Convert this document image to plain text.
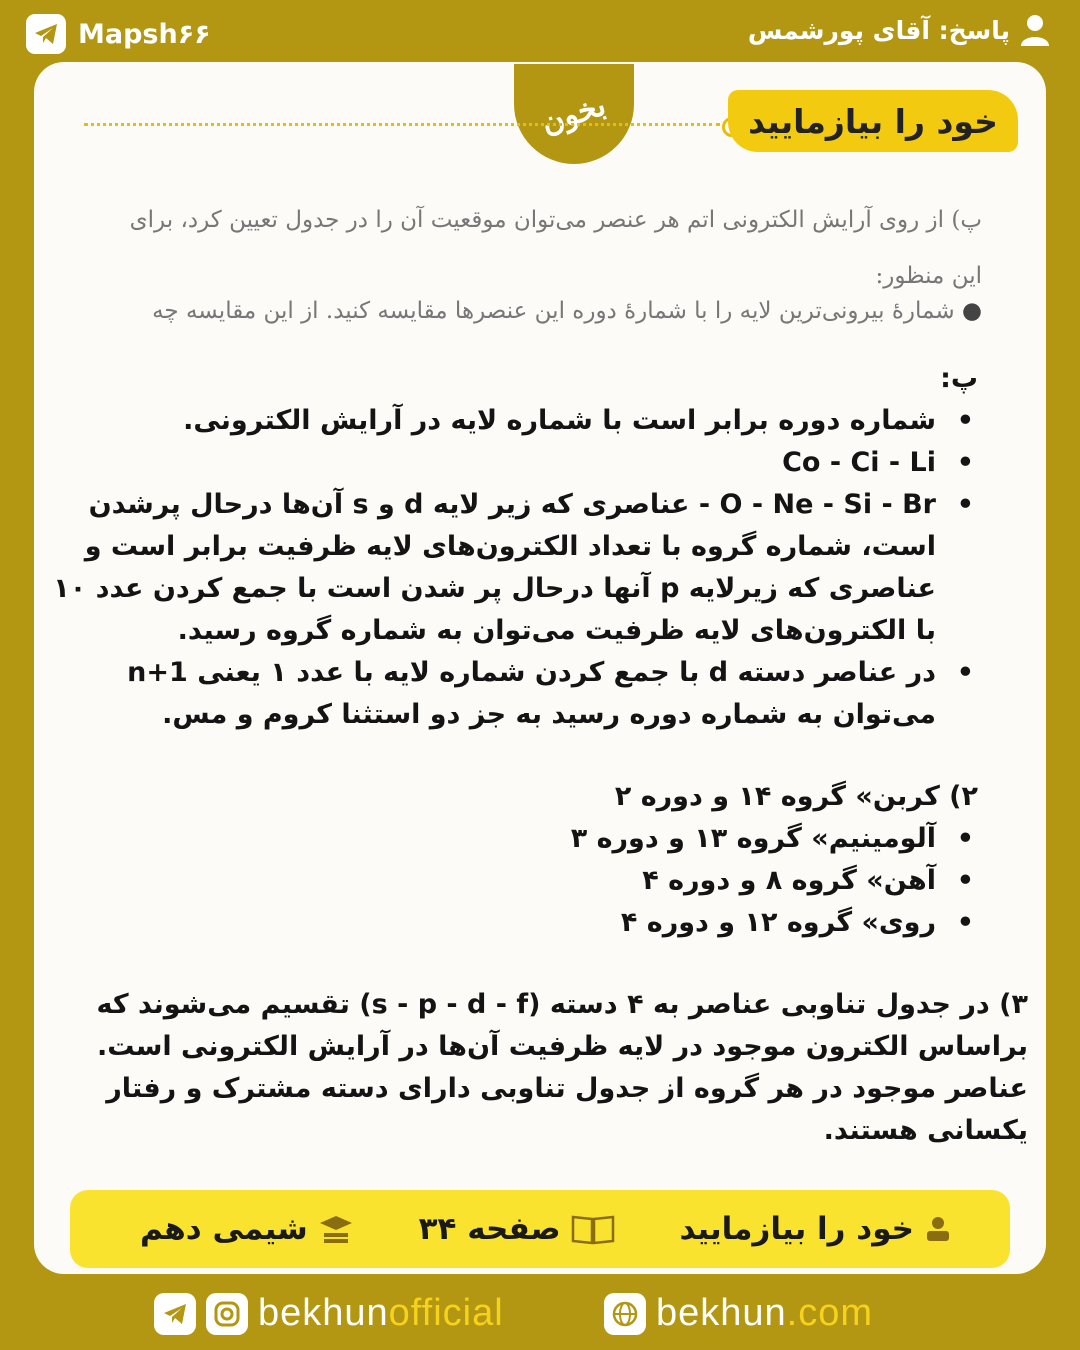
Mapsh۶۶	پاسخ: آقای پورشمس
بخون	خود را بیازمایید
پ) از روی آرایش الکترونی اتم هر عنصر می‌توان موقعیت آن را در جدول تعیین کرد، برای
این منظور:
● شمارهٔ بیرونی‌ترین لایه را با شمارهٔ دوره این عنصرها مقایسه کنید. از این مقایسه چه

پ:

• شماره دوره برابر است با شماره لایه در آرایش الکترونی.
• Co - Ci - Li
• O - Ne - Si - Br - عناصری که زیر لایه d و s آن‌ها درحال پرشدن است، شماره گروه با تعداد الکترون‌های لایه ظرفیت برابر است و عناصری که زیرلایه p آنها درحال پر شدن است با جمع کردن عدد ۱۰ با الکترون‌های لایه ظرفیت می‌توان به شماره گروه رسید.
• در عناصر دسته d با جمع کردن شماره لایه با عدد ۱ یعنی n+1 می‌توان به شماره دوره رسید به جز دو استثنا کروم و مس.

۲) کربن» گروه ۱۴ و دوره ۲

• آلومینیم» گروه ۱۳ و دوره ۳
• آهن» گروه ۸ و دوره ۴
• روی» گروه ۱۲ و دوره ۴

۳) در جدول تناوبی عناصر به ۴ دسته (s - p - d - f) تقسیم می‌شوند که براساس الکترون موجود در لایه ظرفیت آن‌ها در آرایش الکترونی است. عناصر موجود در هر گروه از جدول تناوبی دارای دسته مشترک و رفتار یکسانی هستند.

خود را بیازمایید
صفحه ۳۴
شیمی دهم
bekhunofficial	bekhun.com
